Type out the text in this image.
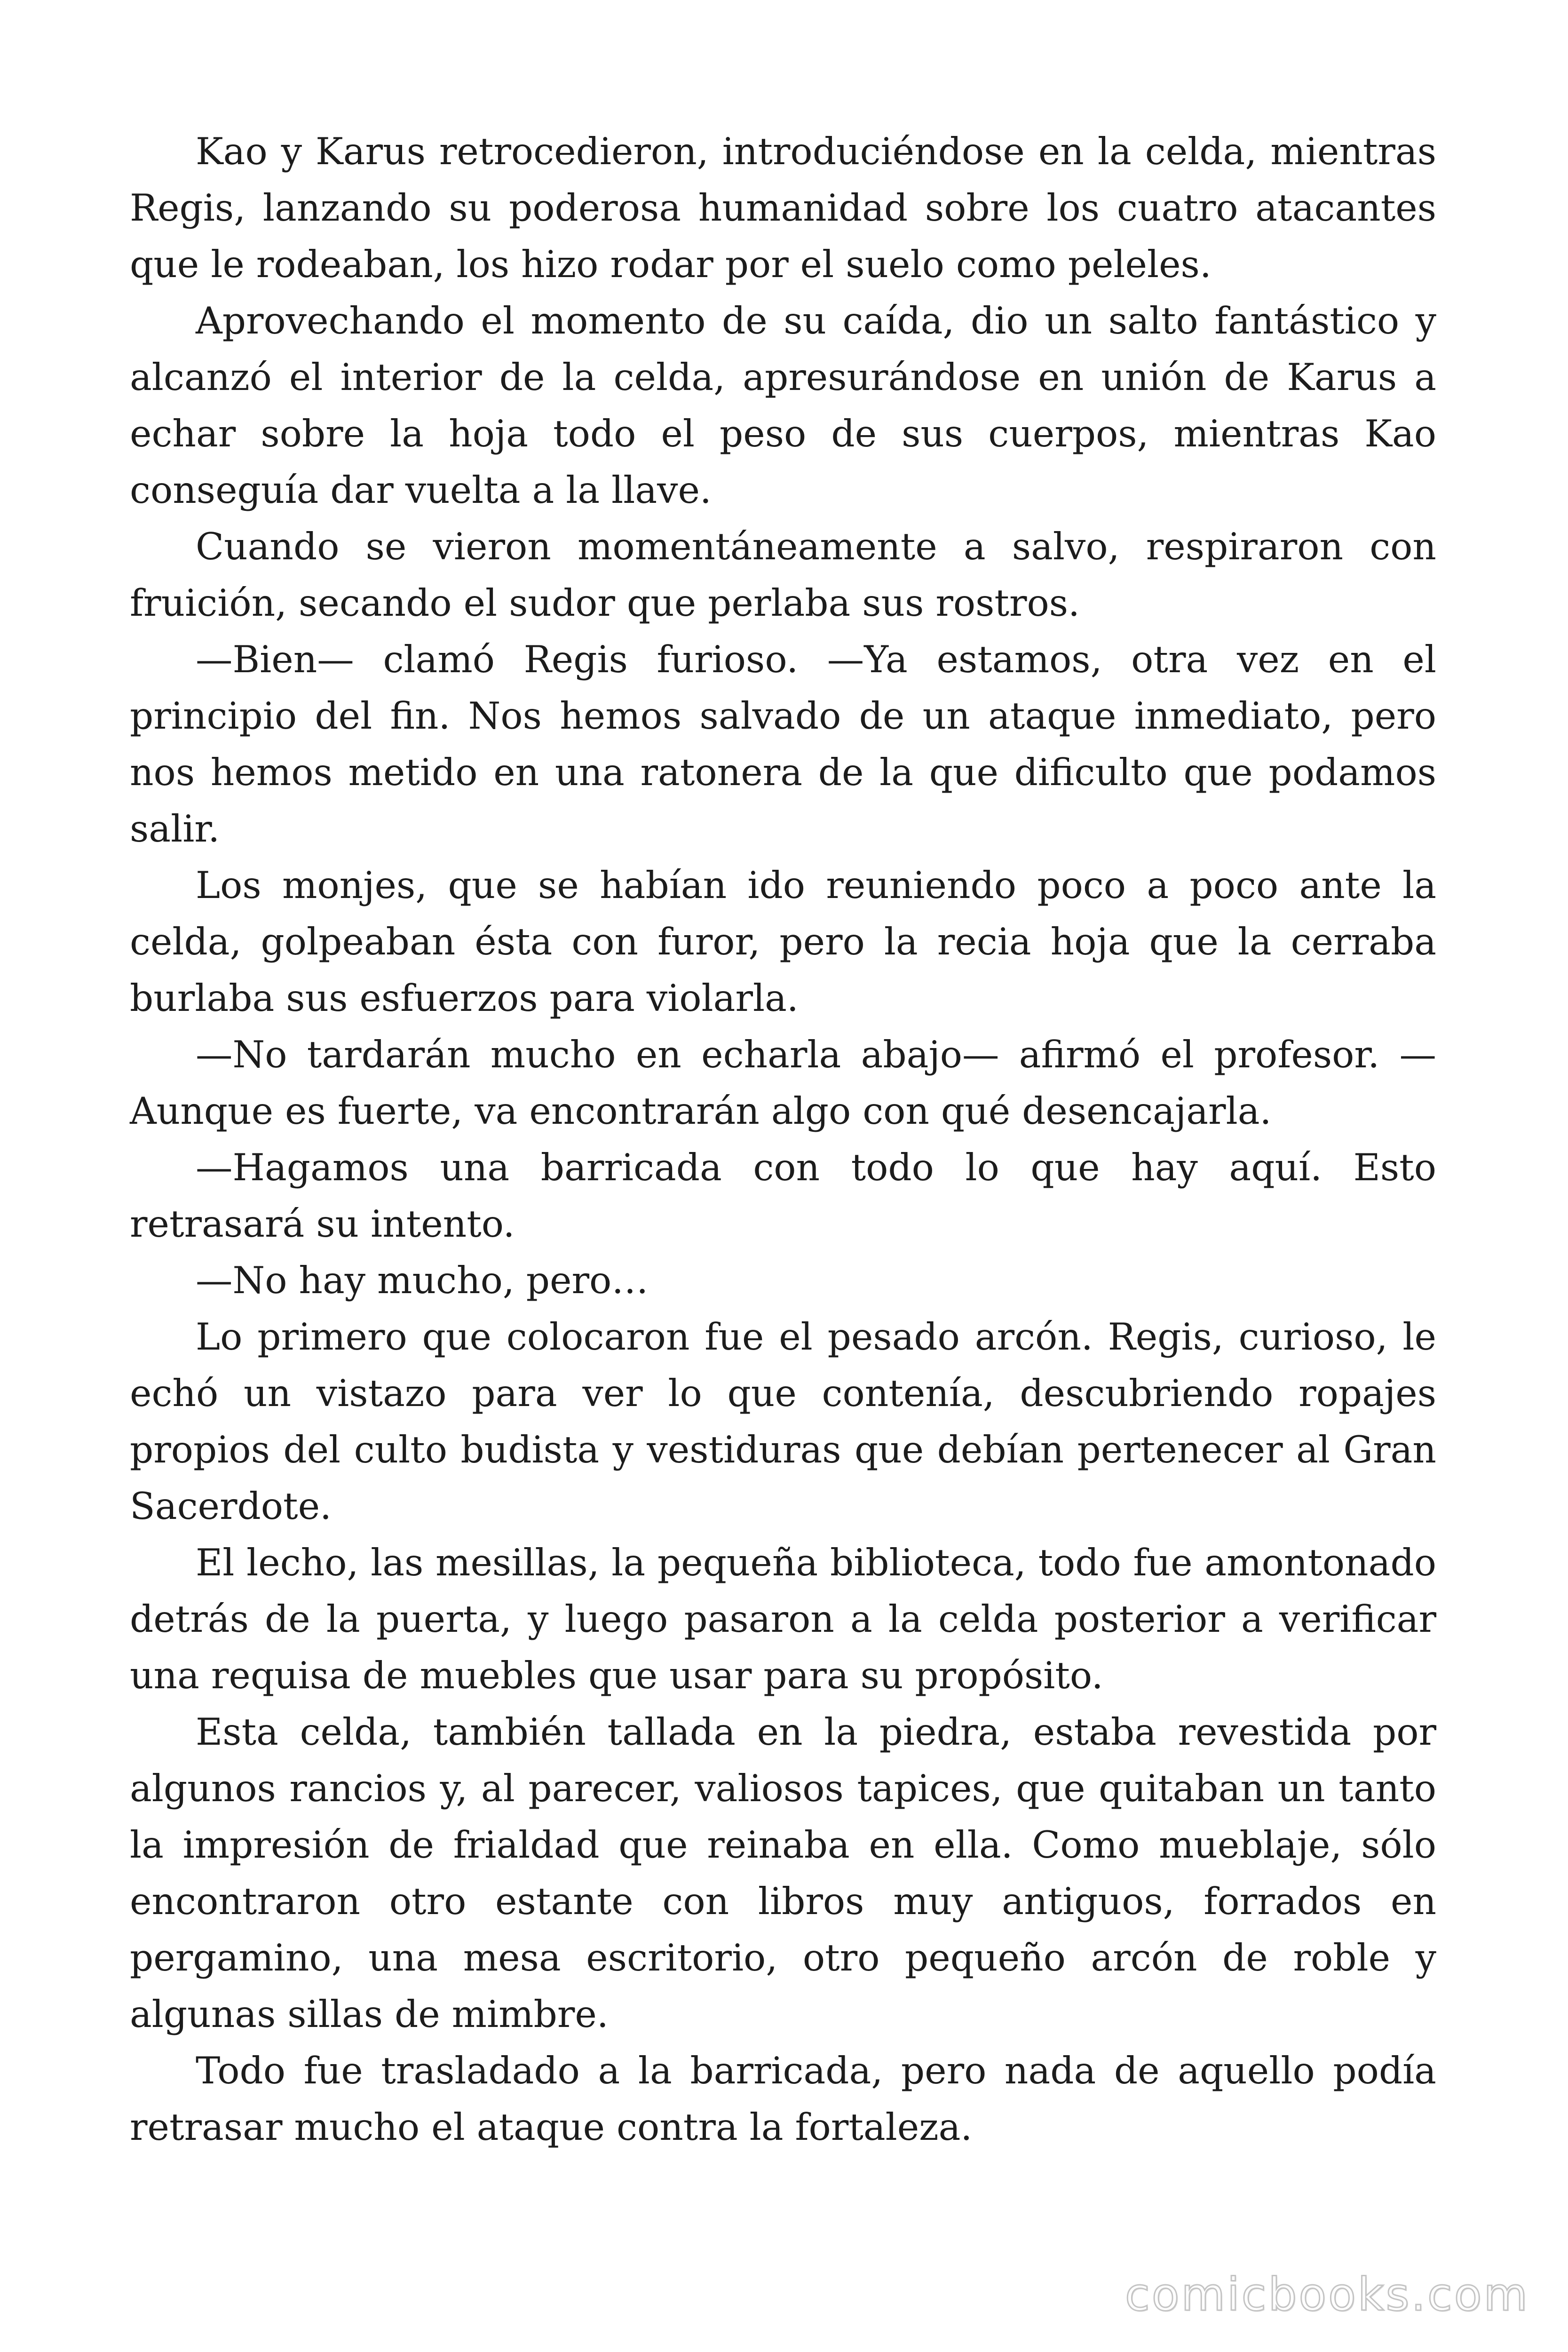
Kao y Karus retrocedieron, introduciéndose en la celda, mientras Regis, lanzando su poderosa humanidad sobre los cuatro atacantes que le rodeaban, los hizo rodar por el suelo como peleles.

Aprovechando el momento de su caída, dio un salto fantástico y alcanzó el interior de la celda, apresurándose en unión de Karus a echar sobre la hoja todo el peso de sus cuerpos, mientras Kao conseguía dar vuelta a la llave.

Cuando se vieron momentáneamente a salvo, respiraron con fruición, secando el sudor que perlaba sus rostros.

—Bien— clamó Regis furioso. —Ya estamos, otra vez en el principio del fin. Nos hemos salvado de un ataque inmediato, pero nos hemos metido en una ratonera de la que dificulto que podamos salir.

Los monjes, que se habían ido reuniendo poco a poco ante la celda, golpeaban ésta con furor, pero la recia hoja que la cerraba burlaba sus esfuerzos para violarla.

—No tardarán mucho en echarla abajo— afirmó el profesor. —Aunque es fuerte, va encontrarán algo con qué desencajarla.

—Hagamos una barricada con todo lo que hay aquí. Esto retrasará su intento.

—No hay mucho, pero…

Lo primero que colocaron fue el pesado arcón. Regis, curioso, le echó un vistazo para ver lo que contenía, descubriendo ropajes propios del culto budista y vestiduras que debían pertenecer al Gran Sacerdote.

El lecho, las mesillas, la pequeña biblioteca, todo fue amontonado detrás de la puerta, y luego pasaron a la celda posterior a verificar una requisa de muebles que usar para su propósito.

Esta celda, también tallada en la piedra, estaba revestida por algunos rancios y, al parecer, valiosos tapices, que quitaban un tanto la impresión de frialdad que reinaba en ella. Como mueblaje, sólo encontraron otro estante con libros muy antiguos, forrados en pergamino, una mesa escritorio, otro pequeño arcón de roble y algunas sillas de mimbre.

Todo fue trasladado a la barricada, pero nada de aquello podía retrasar mucho el ataque contra la fortaleza.

comicbooks.com
